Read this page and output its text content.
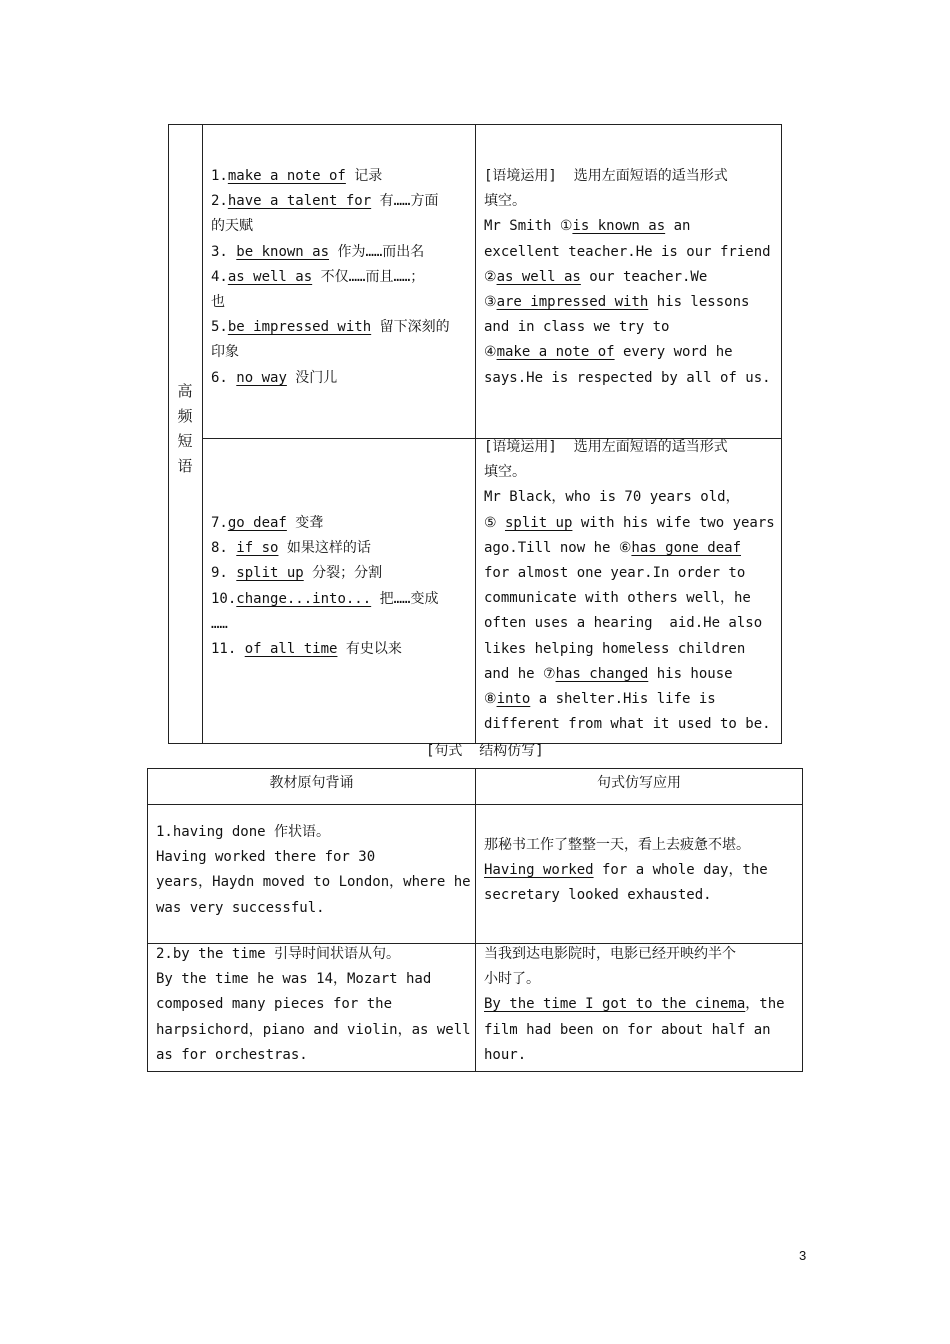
高频短语
[句式  结构仿写]
教材原句背诵	句式仿写应用
3
1.make a note of 记录
2.have a talent for 有……方面
的天赋
3. be known as 作为……而出名
4.as well as 不仅……而且……；
也
5.be impressed with 留下深刻的
印象
6. no way 没门儿
[语境运用]  选用左面短语的适当形式
填空。
Mr Smith ①is known as an
excellent teacher.He is our friend
②as well as our teacher.We
③are impressed with his lessons
and in class we try to
④make a note of every word he
says.He is respected by all of us.
7.go deaf 变聋
8. if so 如果这样的话
9. split up 分裂；分割
10.change...into... 把……变成
……
11. of all time 有史以来
[语境运用]  选用左面短语的适当形式
填空。
Mr Black，who is 70 years old，
⑤ split up with his wife two years
ago.Till now he ⑥has gone deaf
for almost one year.In order to
communicate with others well，he
often uses a hearing  aid.He also
likes helping homeless children
and he ⑦has changed his house
⑧into a shelter.His life is
different from what it used to be.
1.having done 作状语。
Having worked there for 30
years，Haydn moved to London，where he
was very successful.
那秘书工作了整整一天，看上去疲惫不堪。
Having worked for a whole day，the
secretary looked exhausted.
2.by the time 引导时间状语从句。
By the time he was 14，Mozart had
composed many pieces for the
harpsichord，piano and violin，as well
as for orchestras.
当我到达电影院时，电影已经开映约半个
小时了。
By the time I got to the cinema，the
film had been on for about half an
hour.
